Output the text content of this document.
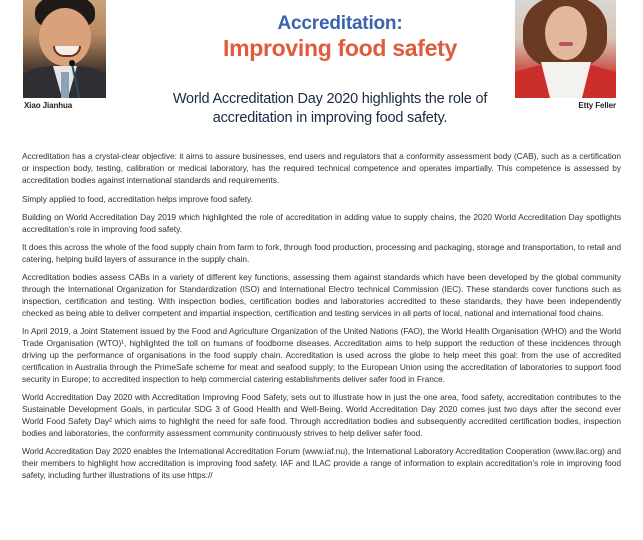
Xiao Jianhua	Etty Feller
Accreditation:
Improving food safety
World Accreditation Day 2020 highlights the role of accreditation in improving food safety.

Accreditation has a crystal-clear objective: it aims to assure businesses, end users and regulators that a conformity assessment body (CAB), such as a certification or inspection body, testing, calibration or medical laboratory, has the required technical competence and operates impartially. This competence is assessed by accreditation bodies against international standards and requirements.

Simply applied to food, accreditation helps improve food safety.

Building on World Accreditation Day 2019 which highlighted the role of accreditation in adding value to supply chains, the 2020 World Accreditation Day spotlights accreditation’s role in improving food safety.

It does this across the whole of the food supply chain from farm to fork, through food production, processing and packaging, storage and transportation, to retail and catering, helping build layers of assurance in the supply chain.

Accreditation bodies assess CABs in a variety of different key functions, assessing them against standards which have been developed by the global community through the International Organization for Standardization (ISO) and International Electro technical Commission (IEC). These standards cover functions such as inspection, certification and testing. With inspection bodies, certification bodies and laboratories accredited to these standards, they have been independently checked as being able to deliver competent and impartial inspection, certification and testing services in all parts of local, national and international food chains.

In April 2019, a Joint Statement issued by the Food and Agriculture Organization of the United Nations (FAO), the World Health Organisation (WHO) and the World Trade Organisation (WTO)¹, highlighted the toll on humans of foodborne diseases. Accreditation aims to help support the reduction of these incidences through driving up the performance of organisations in the food supply chain. Accreditation is used across the globe to help meet this goal: from the use of accredited certification in Australia through the PrimeSafe scheme for meat and seafood supply; to the European Union using the accreditation of laboratories to support food security in Europe; to accredited inspection to help commercial catering establishments deliver safer food in France.

World Accreditation Day 2020 with Accreditation Improving Food Safety, sets out to illustrate how in just the one area, food safety, accreditation contributes to the Sustainable Development Goals, in particular SDG 3 of Good Health and Well-Being. World Accreditation Day 2020 comes just two days after the second ever World Food Safety Day² which aims to highlight the need for safe food. Through accreditation bodies and subsequently accredited certification bodies, inspection bodies and laboratories, the conformity assessment community continuously strives to help deliver safer food.

World Accreditation Day 2020 enables the International Accreditation Forum (www.iaf.nu), the International Laboratory Accreditation Cooperation (www.ilac.org) and their members to highlight how accreditation is improving food safety. IAF and ILAC provide a range of information to explain accreditation’s role in improving food safety, including further illustrations of its use https://
